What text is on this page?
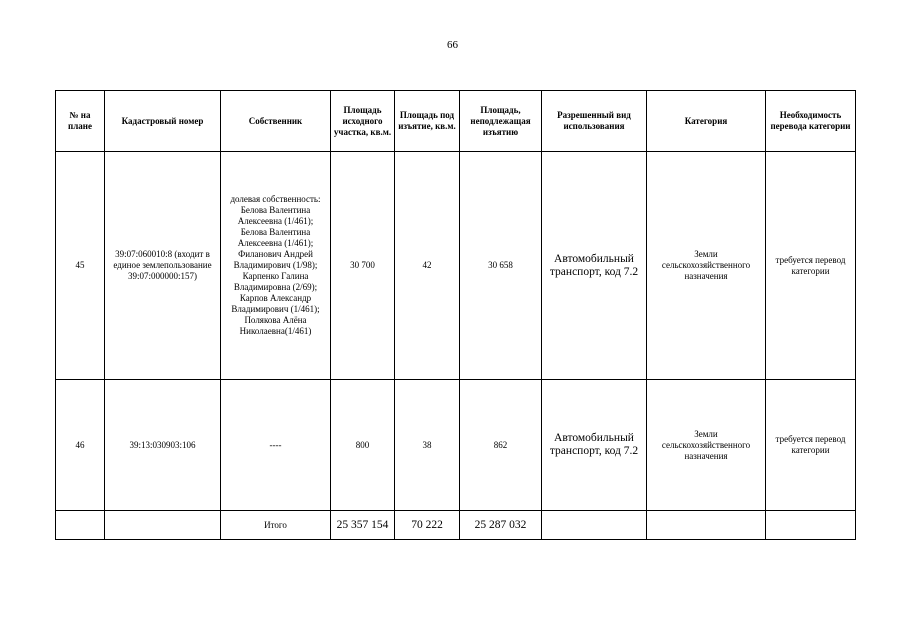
66
№ на плане	Кадастровый номер	Собственник	Площадь исходного участка, кв.м.	Площадь под изъятие, кв.м.	Площадь, неподлежащая изъятию	Разрешенный вид использования	Категория	Необходимость перевода категории
45	39:07:060010:8 (входит в единое землепользование 39:07:000000:157)	долевая собственность: Белова Валентина Алексеевна (1/461); Белова Валентина Алексеевна (1/461); Филанович Андрей Владимирович (1/98); Карпенко Галина Владимировна (2/69); Карпов Александр Владимирович (1/461); Полякова Алёна Николаевна(1/461)	30 700	42	30 658	Автомобильный транспорт, код 7.2	Земли сельскохозяйственного назначения	требуется перевод категории
46	39:13:030903:106	----	800	38	862	Автомобильный транспорт, код 7.2	Земли сельскохозяйственного назначения	требуется перевод категории
		Итого	25 357 154	70 222	25 287 032			
